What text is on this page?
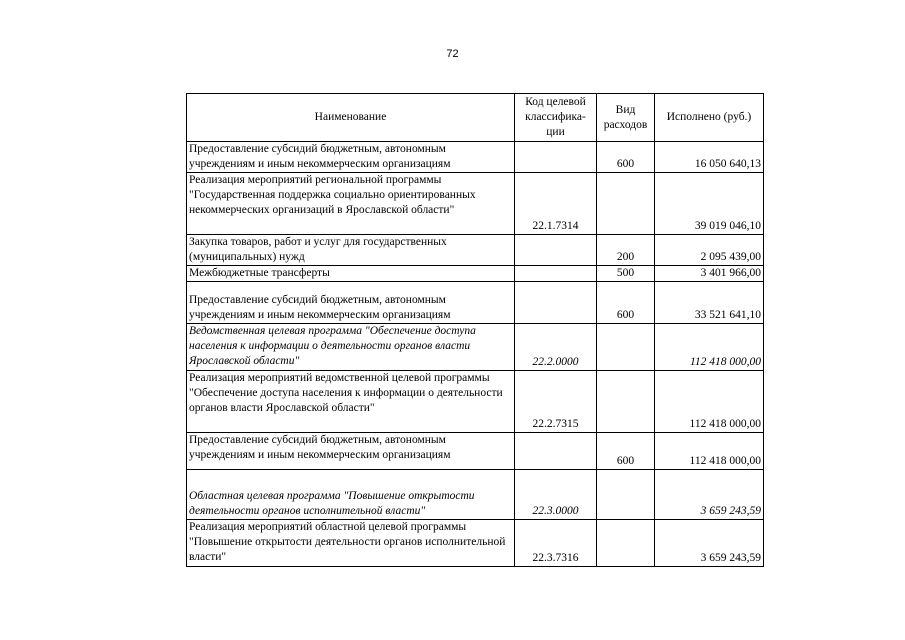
72
Наименование	Код целевой классифика-ции	Вид расходов	Исполнено (руб.)
Предоставление субсидий бюджетным, автономным учреждениям и иным некоммерческим организациям		600	16 050 640,13
Реализация мероприятий региональной программы "Государственная поддержка социально ориентированных некоммерческих организаций в Ярославской области"	22.1.7314		39 019 046,10
Закупка товаров, работ и услуг для государственных (муниципальных) нужд		200	2 095 439,00
Межбюджетные трансферты		500	3 401 966,00
Предоставление субсидий бюджетным, автономным учреждениям и иным некоммерческим организациям		600	33 521 641,10
Ведомственная целевая программа "Обеспечение доступа населения к информации о деятельности органов власти Ярославской области"	22.2.0000		112 418 000,00
Реализация мероприятий ведомственной целевой программы "Обеспечение доступа населения к информации о деятельности органов власти Ярославской области"	22.2.7315		112 418 000,00
Предоставление субсидий бюджетным, автономным учреждениям и иным некоммерческим организациям		600	112 418 000,00
Областная целевая программа "Повышение открытости деятельности органов исполнительной власти"	22.3.0000		3 659 243,59
Реализация мероприятий областной целевой программы "Повышение открытости деятельности органов исполнительной власти"	22.3.7316		3 659 243,59
